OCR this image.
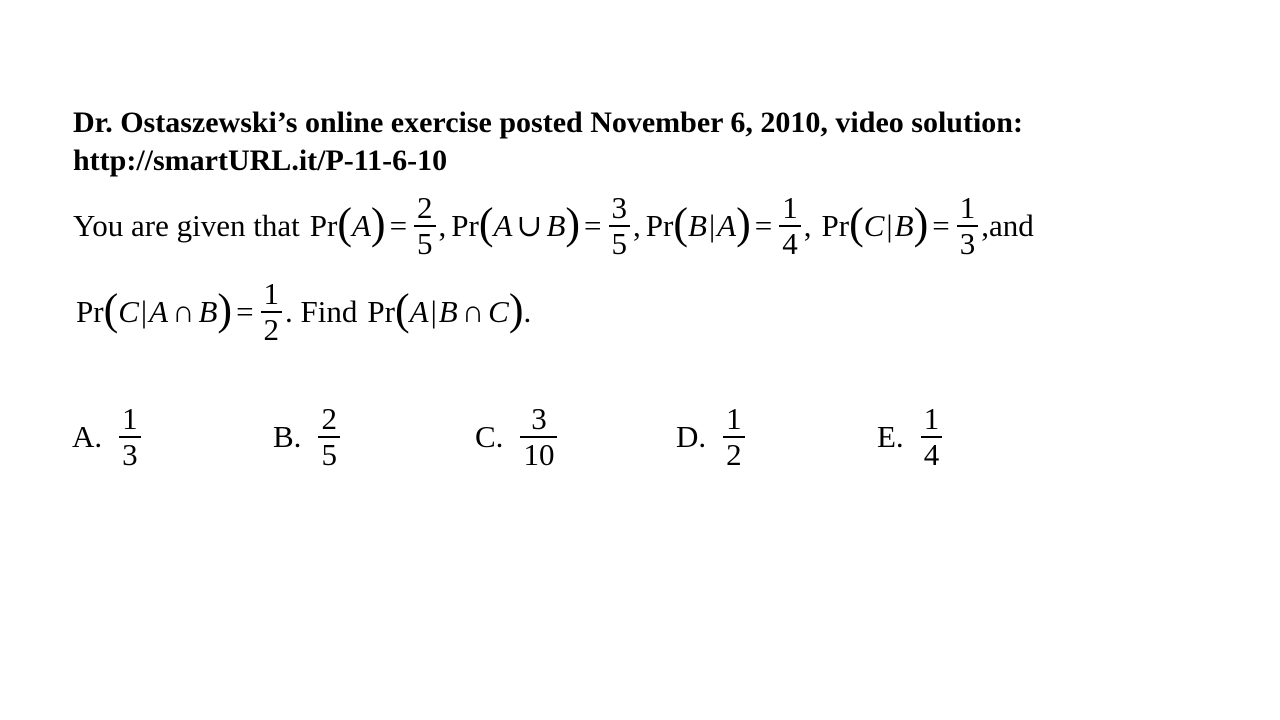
Dr. Ostaszewski’s online exercise posted November 6, 2010, video solution:
http://smartURL.it/P-11-6-10
You are given that Pr ( A ) = $\frac{2}{5}$ , Pr ( A ∪ B ) = $\frac{3}{5}$ , Pr ( B | A ) = $\frac{1}{4}$ , Pr ( C | B ) = $\frac{1}{3}$ , and
Pr ( C | A ∩ B ) = $\frac{1}{2}$ . Find Pr ( A | B ∩ C ) .
A. $\frac{1}{3}$	B. $\frac{2}{5}$	C. $\frac{3}{10}$	D. $\frac{1}{2}$	E. $\frac{1}{4}$
